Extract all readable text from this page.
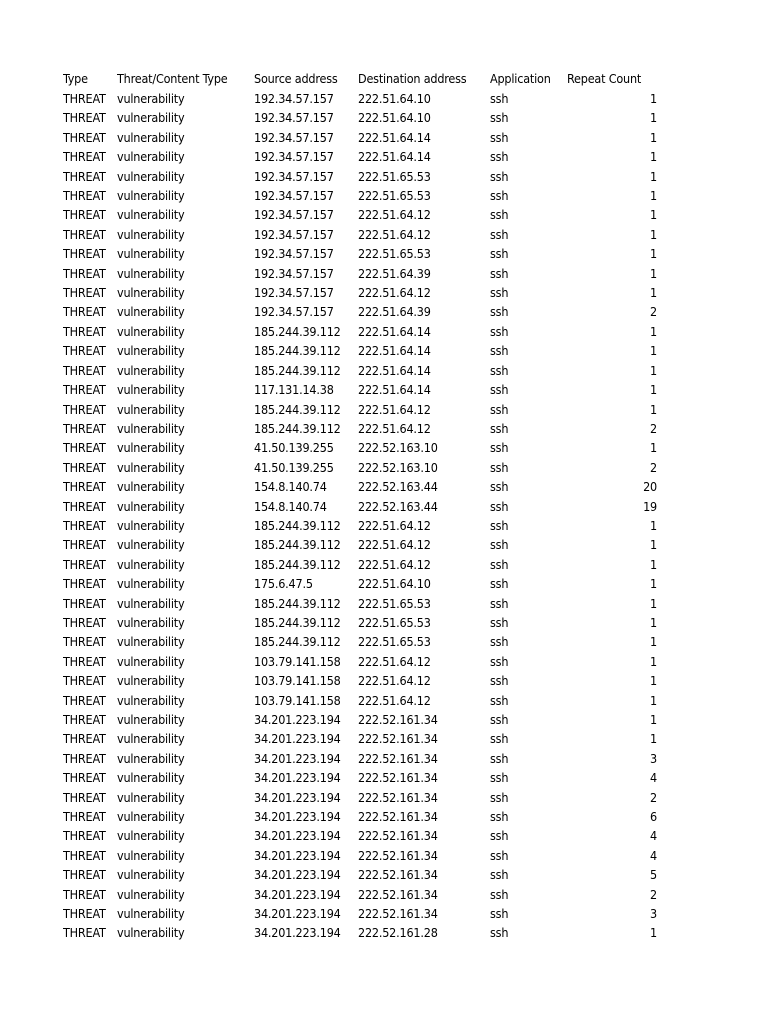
Type	Threat/Content Type	Source address	Destination address	Application	Repeat Count
THREAT	vulnerability	192.34.57.157	222.51.64.10	ssh	1
THREAT	vulnerability	192.34.57.157	222.51.64.10	ssh	1
THREAT	vulnerability	192.34.57.157	222.51.64.14	ssh	1
THREAT	vulnerability	192.34.57.157	222.51.64.14	ssh	1
THREAT	vulnerability	192.34.57.157	222.51.65.53	ssh	1
THREAT	vulnerability	192.34.57.157	222.51.65.53	ssh	1
THREAT	vulnerability	192.34.57.157	222.51.64.12	ssh	1
THREAT	vulnerability	192.34.57.157	222.51.64.12	ssh	1
THREAT	vulnerability	192.34.57.157	222.51.65.53	ssh	1
THREAT	vulnerability	192.34.57.157	222.51.64.39	ssh	1
THREAT	vulnerability	192.34.57.157	222.51.64.12	ssh	1
THREAT	vulnerability	192.34.57.157	222.51.64.39	ssh	2
THREAT	vulnerability	185.244.39.112	222.51.64.14	ssh	1
THREAT	vulnerability	185.244.39.112	222.51.64.14	ssh	1
THREAT	vulnerability	185.244.39.112	222.51.64.14	ssh	1
THREAT	vulnerability	117.131.14.38	222.51.64.14	ssh	1
THREAT	vulnerability	185.244.39.112	222.51.64.12	ssh	1
THREAT	vulnerability	185.244.39.112	222.51.64.12	ssh	2
THREAT	vulnerability	41.50.139.255	222.52.163.10	ssh	1
THREAT	vulnerability	41.50.139.255	222.52.163.10	ssh	2
THREAT	vulnerability	154.8.140.74	222.52.163.44	ssh	20
THREAT	vulnerability	154.8.140.74	222.52.163.44	ssh	19
THREAT	vulnerability	185.244.39.112	222.51.64.12	ssh	1
THREAT	vulnerability	185.244.39.112	222.51.64.12	ssh	1
THREAT	vulnerability	185.244.39.112	222.51.64.12	ssh	1
THREAT	vulnerability	175.6.47.5	222.51.64.10	ssh	1
THREAT	vulnerability	185.244.39.112	222.51.65.53	ssh	1
THREAT	vulnerability	185.244.39.112	222.51.65.53	ssh	1
THREAT	vulnerability	185.244.39.112	222.51.65.53	ssh	1
THREAT	vulnerability	103.79.141.158	222.51.64.12	ssh	1
THREAT	vulnerability	103.79.141.158	222.51.64.12	ssh	1
THREAT	vulnerability	103.79.141.158	222.51.64.12	ssh	1
THREAT	vulnerability	34.201.223.194	222.52.161.34	ssh	1
THREAT	vulnerability	34.201.223.194	222.52.161.34	ssh	1
THREAT	vulnerability	34.201.223.194	222.52.161.34	ssh	3
THREAT	vulnerability	34.201.223.194	222.52.161.34	ssh	4
THREAT	vulnerability	34.201.223.194	222.52.161.34	ssh	2
THREAT	vulnerability	34.201.223.194	222.52.161.34	ssh	6
THREAT	vulnerability	34.201.223.194	222.52.161.34	ssh	4
THREAT	vulnerability	34.201.223.194	222.52.161.34	ssh	4
THREAT	vulnerability	34.201.223.194	222.52.161.34	ssh	5
THREAT	vulnerability	34.201.223.194	222.52.161.34	ssh	2
THREAT	vulnerability	34.201.223.194	222.52.161.34	ssh	3
THREAT	vulnerability	34.201.223.194	222.52.161.28	ssh	1
